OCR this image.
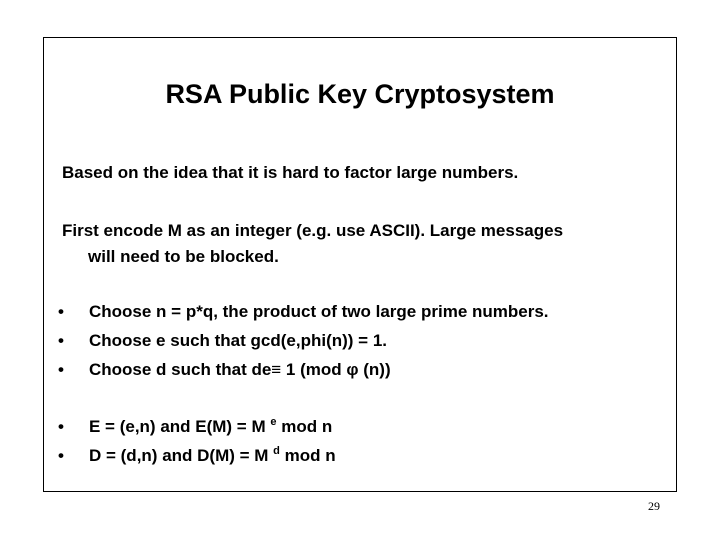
RSA Public Key Cryptosystem
Based on the idea that it is hard to factor large numbers.
First encode M as an integer (e.g. use ASCII). Large messages
will need to be blocked.
• Choose n = p*q, the product of two large prime numbers.
• Choose e such that gcd(e,phi(n)) = 1.
• Choose d such that de≡ 1 (mod φ (n))
• E = (e,n) and E(M) = M $^e$ mod n
• D = (d,n) and D(M) = M $^d$ mod n
29
